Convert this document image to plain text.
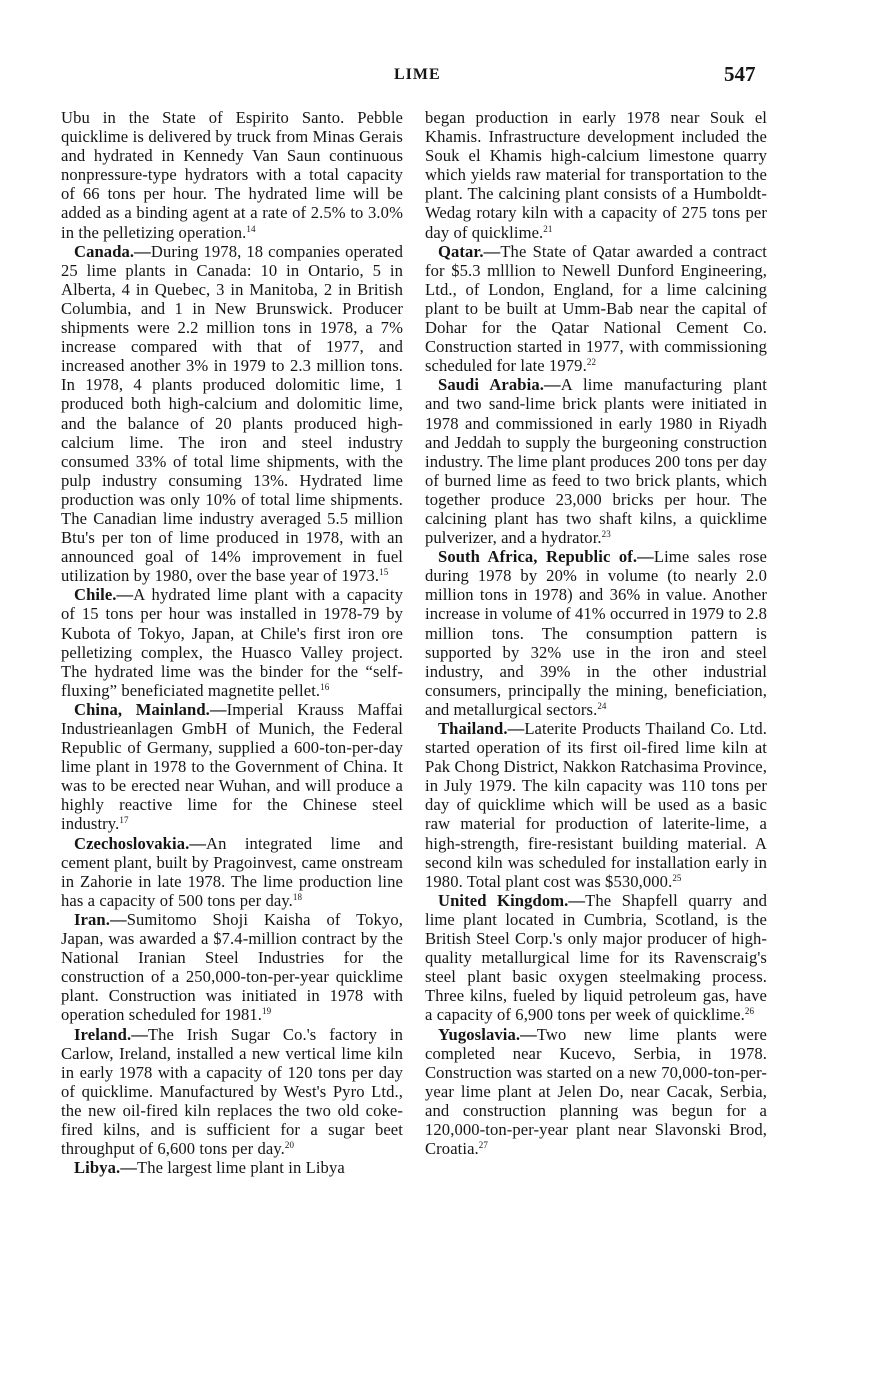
LIME	547

Ubu in the State of Espirito Santo. Pebble quicklime is delivered by truck from Minas Gerais and hydrated in Kennedy Van Saun continuous nonpressure-type hydrators with a total capacity of 66 tons per hour. The hydrated lime will be added as a binding agent at a rate of 2.5% to 3.0% in the pelletizing operation.$^{14}$

Canada.—During 1978, 18 companies operated 25 lime plants in Canada: 10 in Ontario, 5 in Alberta, 4 in Quebec, 3 in Manitoba, 2 in British Columbia, and 1 in New Brunswick. Producer shipments were 2.2 million tons in 1978, a 7% increase compared with that of 1977, and increased another 3% in 1979 to 2.3 million tons. In 1978, 4 plants produced dolomitic lime, 1 produced both high-calcium and dolomitic lime, and the balance of 20 plants produced high-calcium lime. The iron and steel industry consumed 33% of total lime shipments, with the pulp industry consuming 13%. Hydrated lime production was only 10% of total lime shipments. The Canadian lime industry averaged 5.5 million Btu's per ton of lime produced in 1978, with an announced goal of 14% improvement in fuel utilization by 1980, over the base year of 1973.15

Chile.—A hydrated lime plant with a capacity of 15 tons per hour was installed in 1978-79 by Kubota of Tokyo, Japan, at Chile's first iron ore pelletizing complex, the Huasco Valley project. The hydrated lime was the binder for the “self-fluxing” beneficiated magnetite pellet.$^{16}$

China, Mainland.—Imperial Krauss Maffai Industrieanlagen GmbH of Munich, the Federal Republic of Germany, supplied a 600-ton-per-day lime plant in 1978 to the Government of China. It was to be erected near Wuhan, and will produce a highly reactive lime for the Chinese steel industry.$^{17}$

Czechoslovakia.—An integrated lime and cement plant, built by Pragoinvest, came onstream in Zahorie in late 1978. The lime production line has a capacity of 500 tons per day.$^{18}$

Iran.—Sumitomo Shoji Kaisha of Tokyo, Japan, was awarded a $7.4-million contract by the National Iranian Steel Industries for the construction of a 250,000-ton-per-year quicklime plant. Construction was initiated in 1978 with operation scheduled for 1981.19

Ireland.—The Irish Sugar Co.'s factory in Carlow, Ireland, installed a new vertical lime kiln in early 1978 with a capacity of 120 tons per day of quicklime. Manufactured by West's Pyro Ltd., the new oil-fired kiln replaces the two old coke-fired kilns, and is sufficient for a sugar beet throughput of 6,600 tons per day.$^{20}$

Libya.—The largest lime plant in Libya

began production in early 1978 near Souk el Khamis. Infrastructure development included the Souk el Khamis high-calcium limestone quarry which yields raw material for transportation to the plant. The calcining plant consists of a Humboldt-Wedag rotary kiln with a capacity of 275 tons per day of quicklime.$^{21}$

Qatar.—The State of Qatar awarded a contract for $5.3 mlllion to Newell Dunford Engineering, Ltd., of London, England, for a lime calcining plant to be built at Umm-Bab near the capital of Dohar for the Qatar National Cement Co. Construction started in 1977, with commissioning scheduled for late 1979.22

Saudi Arabia.—A lime manufacturing plant and two sand-lime brick plants were initiated in 1978 and commissioned in early 1980 in Riyadh and Jeddah to supply the burgeoning construction industry. The lime plant produces 200 tons per day of burned lime as feed to two brick plants, which together produce 23,000 bricks per hour. The calcining plant has two shaft kilns, a quicklime pulverizer, and a hydrator.$^{23}$

South Africa, Republic of.—Lime sales rose during 1978 by 20% in volume (to nearly 2.0 million tons in 1978) and 36% in value. Another increase in volume of 41% occurred in 1979 to 2.8 million tons. The consumption pattern is supported by 32% use in the iron and steel industry, and 39% in the other industrial consumers, principally the mining, beneficiation, and metallurgical sectors.$^{24}$

Thailand.—Laterite Products Thailand Co. Ltd. started operation of its first oil-fired lime kiln at Pak Chong District, Nakkon Ratchasima Province, in July 1979. The kiln capacity was 110 tons per day of quicklime which will be used as a basic raw material for production of laterite-lime, a high-strength, fire-resistant building material. A second kiln was scheduled for installation early in 1980. Total plant cost was $530,000.25

United Kingdom.—The Shapfell quarry and lime plant located in Cumbria, Scotland, is the British Steel Corp.'s only major producer of high-quality metallurgical lime for its Ravenscraig's steel plant basic oxygen steelmaking process. Three kilns, fueled by liquid petroleum gas, have a capacity of 6,900 tons per week of quicklime.$^{26}$

Yugoslavia.—Two new lime plants were completed near Kucevo, Serbia, in 1978. Construction was started on a new 70,000-ton-per-year lime plant at Jelen Do, near Cacak, Serbia, and construction planning was begun for a 120,000-ton-per-year plant near Slavonski Brod, Croatia.$^{27}$
